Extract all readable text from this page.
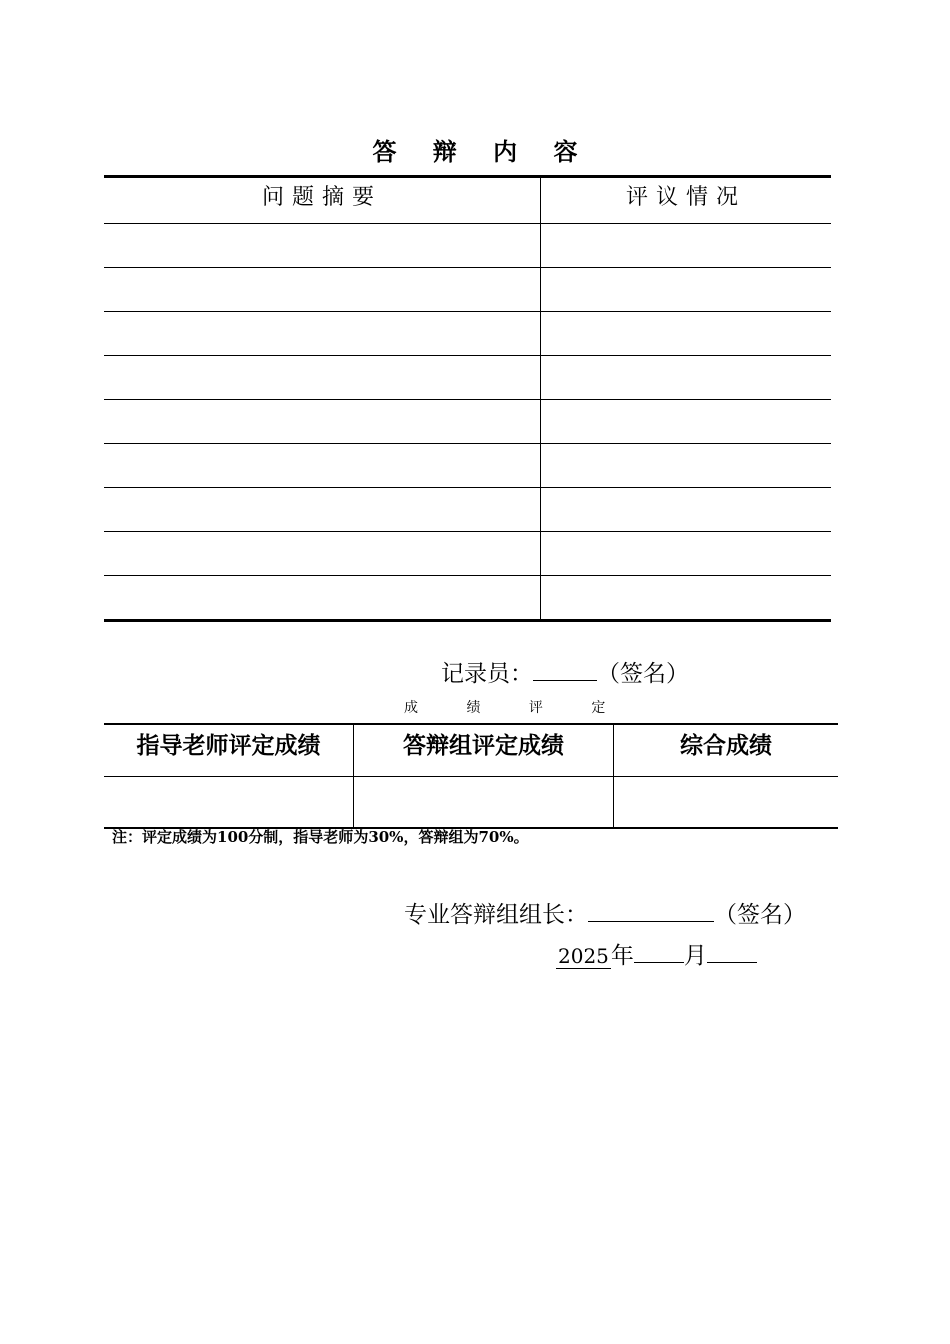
答 辩 内 容
问题摘要	评议情况

记录员：	（签名）
成 绩 评 定
指导老师评定成绩	答辩组评定成绩	综合成绩

注：评定成绩为100分制，指导老师为30%，答辩组为70%。
专业答辩组组长：	（签名）
2025年 月
